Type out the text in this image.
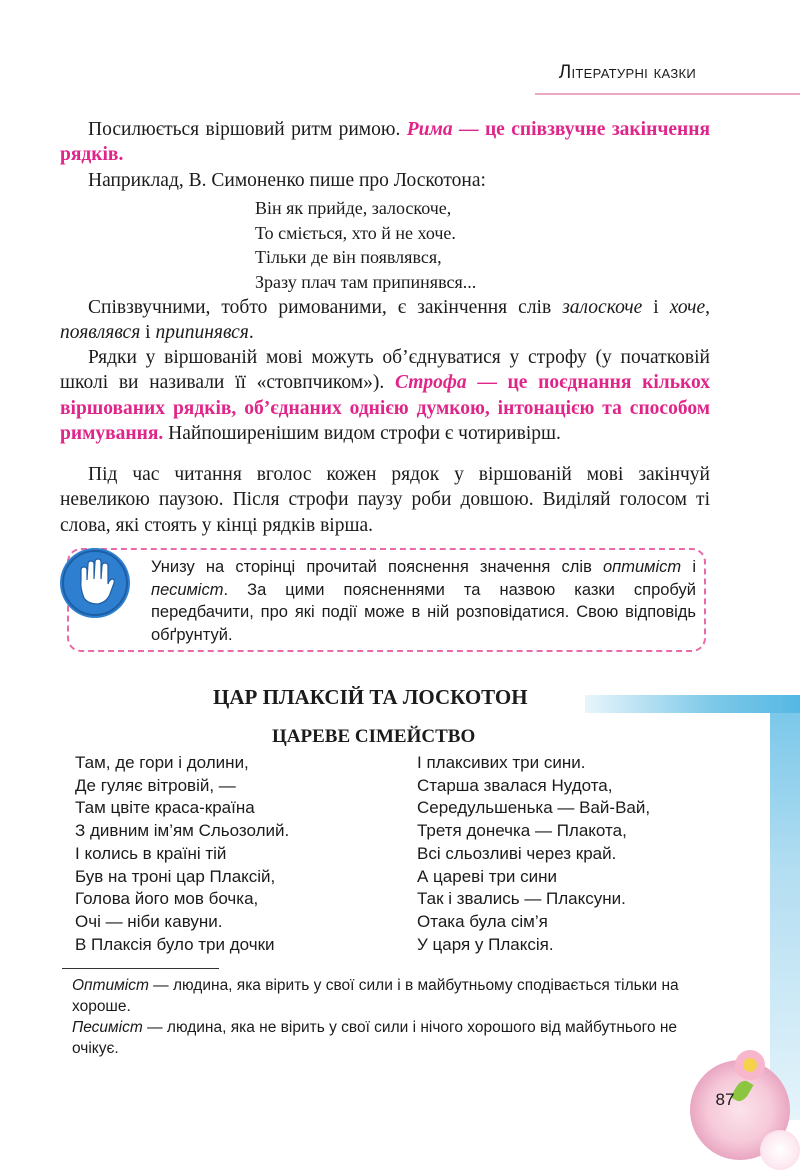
Літературні казки
Посилюється віршовий ритм римою. Рима — це співзвучне закінчення рядків.
Наприклад, В. Симоненко пише про Лоскотона:
Він як прийде, залоскоче,
То сміється, хто й не хоче.
Тільки де він появлявся,
Зразу плач там припинявся...
Співзвучними, тобто римованими, є закінчення слів залоскоче і хоче, появлявся і припинявся.
Рядки у віршованій мові можуть об’єднуватися у строфу (у початковій школі ви називали її «стовпчиком»). Строфа — це поєднання кількох віршованих рядків, об’єднаних однією думкою, інтонацією та способом римування. Найпоширенішим видом строфи є чотиривірш.
Під час читання вголос кожен рядок у віршованій мові закінчуй невеликою паузою. Після строфи паузу роби довшою. Виділяй голосом ті слова, які стоять у кінці рядків вірша.
Унизу на сторінці прочитай пояснення значення слів оптиміст і песиміст. За цими поясненнями та назвою казки спробуй передбачити, про які події може в ній розповідатися. Свою відповідь обґрунтуй.
ЦАР ПЛАКСІЙ ТА ЛОСКОТОН
ЦАРЕВЕ СІМЕЙСТВО
Там, де гори і долини,
Де гуляє вітровій, —
Там цвіте краса-країна
З дивним ім’ям Сльозолий.
І колись в країні тій
Був на троні цар Плаксій,
Голова його мов бочка,
Очі — ніби кавуни.
В Плаксія було три дочки
І плаксивих три сини.
Старша звалася Нудота,
Середульшенька — Вай-Вай,
Третя донечка — Плакота,
Всі сльозливі через край.
А цареві три сини
Так і звались — Плаксуни.
Отака була сім’я
У царя у Плаксія.
Оптиміст — людина, яка вірить у свої сили і в майбутньому сподівається тільки на хороше.
Песиміст — людина, яка не вірить у свої сили і нічого хорошого від майбутнього не очікує.
87
